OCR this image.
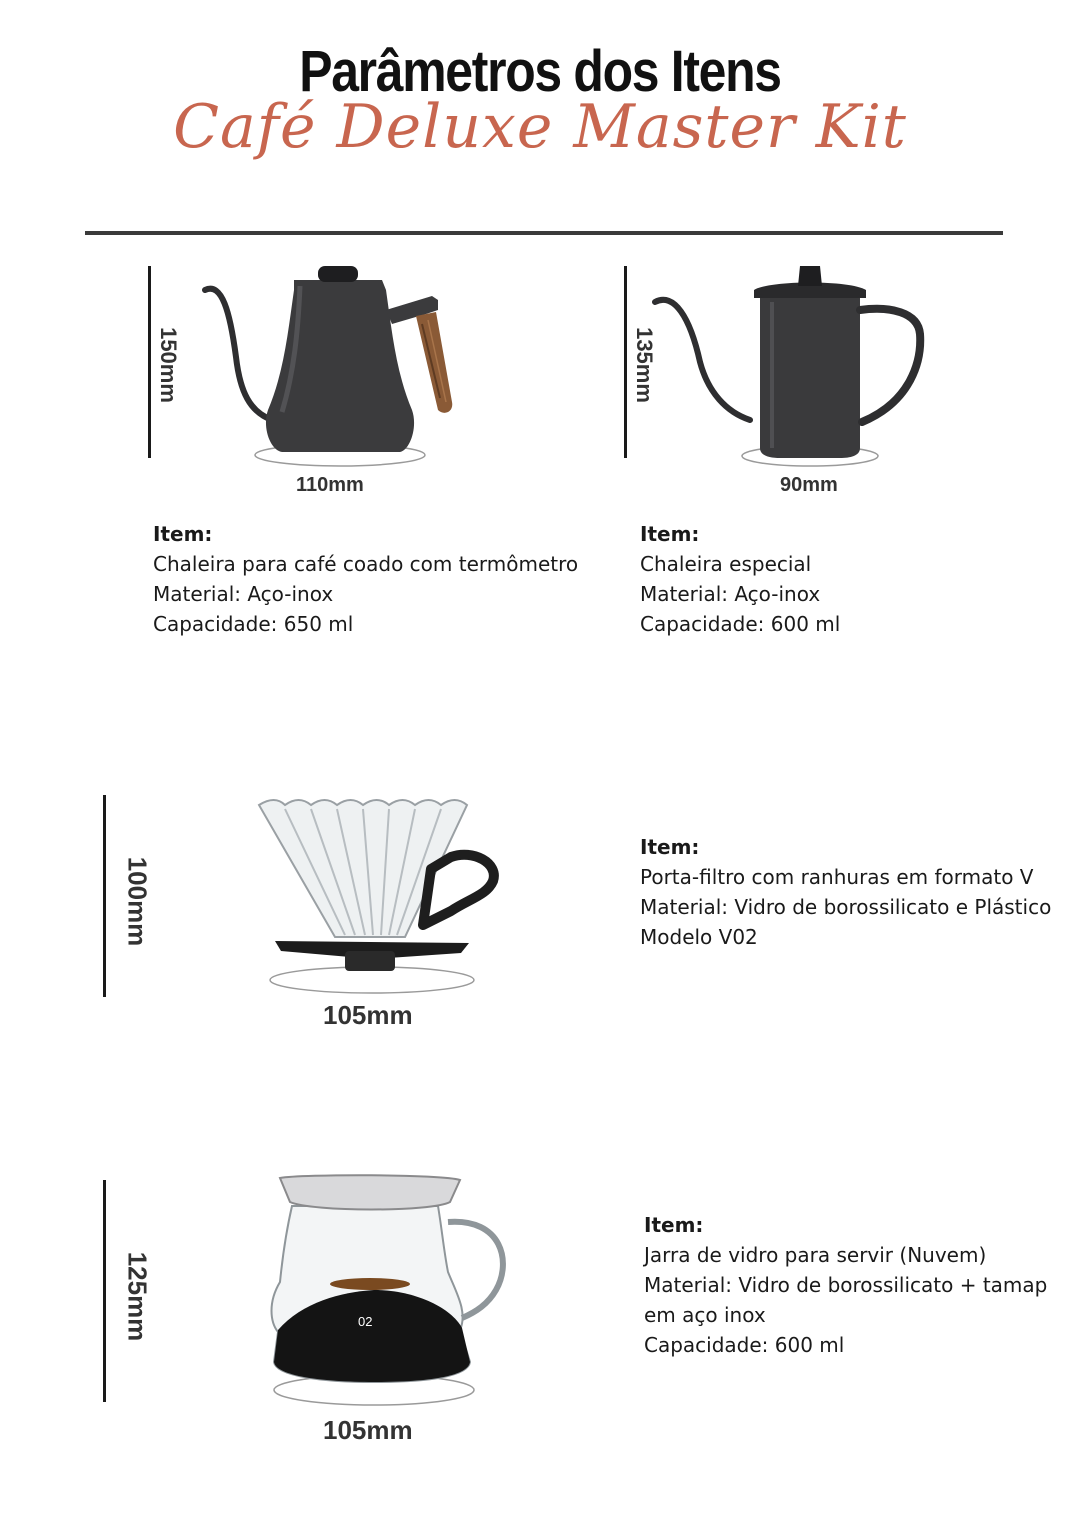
Parâmetros dos Itens
Café Deluxe Master Kit
150mm
110mm
Item:
Chaleira para café coado com termômetro
Material: Aço-inox
Capacidade: 650 ml
135mm
90mm
Item:
Chaleira especial
Material: Aço-inox
Capacidade: 600 ml
100mm
105mm
Item:
Porta-filtro com ranhuras em formato V
Material: Vidro de borossilicato e Plástico
Modelo V02
125mm	02
105mm
Item:
Jarra de vidro para servir (Nuvem)
Material: Vidro de borossilicato + tamap
em aço inox
Capacidade: 600 ml
